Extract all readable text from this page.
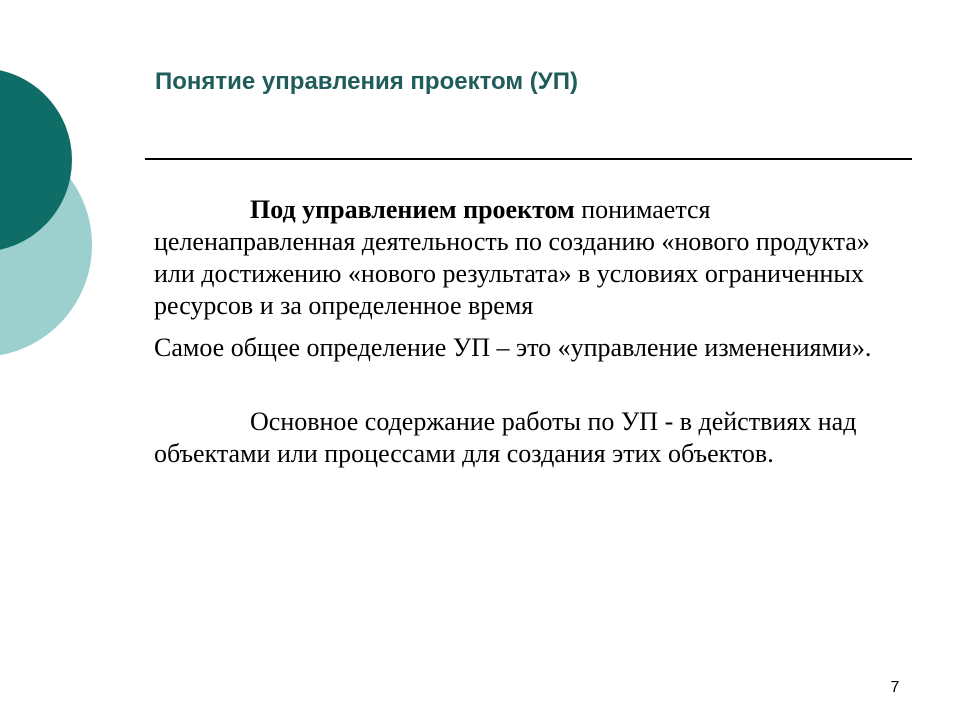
Понятие управления проектом (УП)

Под управлением проектом понимается целенаправленная деятельность по созданию «нового продукта» или достижению «нового результата» в условиях ограниченных ресурсов и за определенное время

Самое общее определение УП – это «управление изменениями».

Основное содержание работы по УП - в действиях над объектами или процессами для создания этих объектов.

7
